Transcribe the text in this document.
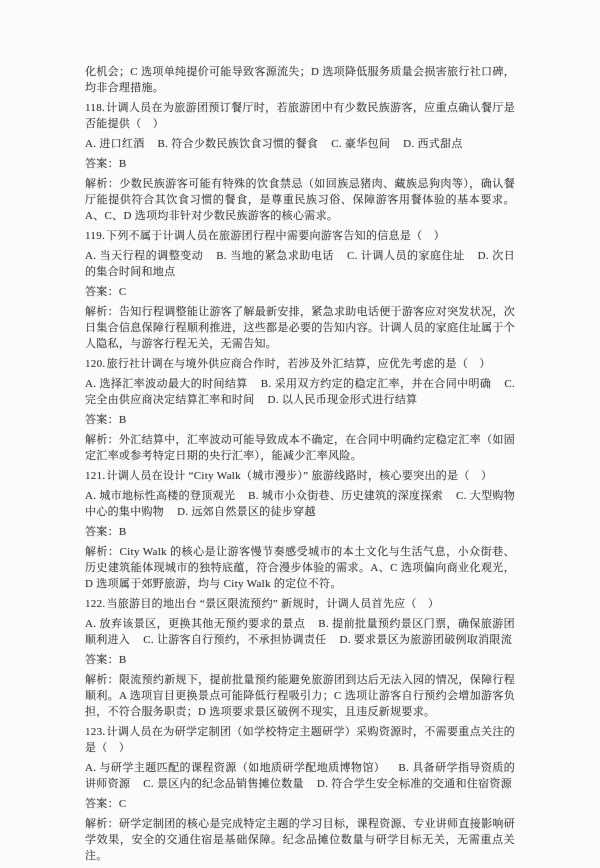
化机会；C 选项单纯提价可能导致客源流失；D 选项降低服务质量会损害旅行社口碑，均非合理措施。

118.计调人员在为旅游团预订餐厅时，若旅游团中有少数民族游客，应重点确认餐厅是否能提供（　）

A. 进口红酒 B. 符合少数民族饮食习惯的餐食 C. 豪华包间 D. 西式甜点

答案：B

解析：少数民族游客可能有特殊的饮食禁忌（如回族忌猪肉、藏族忌狗肉等），确认餐厅能提供符合其饮食习惯的餐食，是尊重民族习俗、保障游客用餐体验的基本要求。A、C、D 选项均非针对少数民族游客的核心需求。

119.下列不属于计调人员在旅游团行程中需要向游客告知的信息是（　）

A. 当天行程的调整变动 B. 当地的紧急求助电话 C. 计调人员的家庭住址 D. 次日的集合时间和地点

答案：C

解析：告知行程调整能让游客了解最新安排，紧急求助电话便于游客应对突发状况，次日集合信息保障行程顺利推进，这些都是必要的告知内容。计调人员的家庭住址属于个人隐私，与游客行程无关，无需告知。

120.旅行社计调在与境外供应商合作时，若涉及外汇结算，应优先考虑的是（　）

A. 选择汇率波动最大的时间结算 B. 采用双方约定的稳定汇率，并在合同中明确 C. 完全由供应商决定结算汇率和时间 D. 以人民币现金形式进行结算

答案：B

解析：外汇结算中，汇率波动可能导致成本不确定，在合同中明确约定稳定汇率（如固定汇率或参考特定日期的央行汇率），能减少汇率风险。

121.计调人员在设计 “City Walk（城市漫步）” 旅游线路时，核心要突出的是（　）

A. 城市地标性高楼的登顶观光 B. 城市小众街巷、历史建筑的深度探索 C. 大型购物中心的集中购物 D. 远郊自然景区的徒步穿越

答案：B

解析：City Walk 的核心是让游客慢节奏感受城市的本土文化与生活气息，小众街巷、历史建筑能体现城市的独特底蕴，符合漫步体验的需求。A、C 选项偏向商业化观光，D 选项属于郊野旅游，均与 City Walk 的定位不符。

122.当旅游目的地出台 “景区限流预约” 新规时，计调人员首先应（　）

A. 放弃该景区，更换其他无预约要求的景点 B. 提前批量预约景区门票，确保旅游团顺利进入 C. 让游客自行预约，不承担协调责任 D. 要求景区为旅游团破例取消限流

答案：B

解析：限流预约新规下，提前批量预约能避免旅游团到达后无法入园的情况，保障行程顺利。A 选项盲目更换景点可能降低行程吸引力；C 选项让游客自行预约会增加游客负担，不符合服务职责；D 选项要求景区破例不现实，且违反新规要求。

123.计调人员在为研学定制团（如学校特定主题研学）采购资源时，不需要重点关注的是（　）

A. 与研学主题匹配的课程资源（如地质研学配地质博物馆） B. 具备研学指导资质的讲师资源 C. 景区内的纪念品销售摊位数量 D. 符合学生安全标准的交通和住宿资源

答案：C

解析：研学定制团的核心是完成特定主题的学习目标，课程资源、专业讲师直接影响研学效果，安全的交通住宿是基础保障。纪念品摊位数量与研学目标无关，无需重点关注。
